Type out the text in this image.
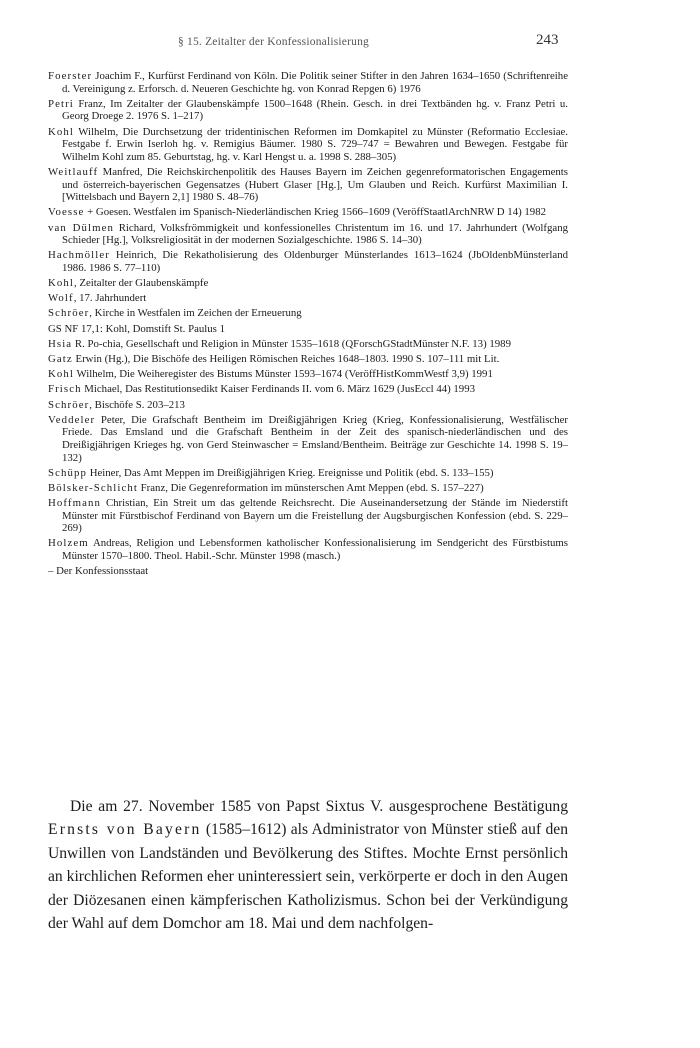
§ 15. Zeitalter der Konfessionalisierung	243
Foerster Joachim F., Kurfürst Ferdinand von Köln. Die Politik seiner Stifter in den Jahren 1634–1650 (Schriftenreihe d. Vereinigung z. Erforsch. d. Neueren Geschichte hg. von Konrad Repgen 6) 1976
Petri Franz, Im Zeitalter der Glaubenskämpfe 1500–1648 (Rhein. Gesch. in drei Textbänden hg. v. Franz Petri u. Georg Droege 2. 1976 S. 1–217)
Kohl Wilhelm, Die Durchsetzung der tridentinischen Reformen im Domkapitel zu Münster (Reformatio Ecclesiae. Festgabe f. Erwin Iserloh hg. v. Remigius Bäumer. 1980 S. 729–747 = Bewahren und Bewegen. Festgabe für Wilhelm Kohl zum 85. Geburtstag, hg. v. Karl Hengst u. a. 1998 S. 288–305)
Weitlauff Manfred, Die Reichskirchenpolitik des Hauses Bayern im Zeichen gegenreformatorischen Engagements und österreich-bayerischen Gegensatzes (Hubert Glaser [Hg.], Um Glauben und Reich. Kurfürst Maximilian I. [Wittelsbach und Bayern 2,1] 1980 S. 48–76)
Voesse + Goesen. Westfalen im Spanisch-Niederländischen Krieg 1566–1609 (VeröffStaatlArchNRW D 14) 1982
van Dülmen Richard, Volksfrömmigkeit und konfessionelles Christentum im 16. und 17. Jahrhundert (Wolfgang Schieder [Hg.], Volksreligiosität in der modernen Sozialgeschichte. 1986 S. 14–30)
Hachmöller Heinrich, Die Rekatholisierung des Oldenburger Münsterlandes 1613–1624 (JbOldenbMünsterland 1986. 1986 S. 77–110)
Kohl, Zeitalter der Glaubenskämpfe
Wolf, 17. Jahrhundert
Schröer, Kirche in Westfalen im Zeichen der Erneuerung
GS NF 17,1: Kohl, Domstift St. Paulus 1
Hsia R. Po-chia, Gesellschaft und Religion in Münster 1535–1618 (QForschGStadtMünster N.F. 13) 1989
Gatz Erwin (Hg.), Die Bischöfe des Heiligen Römischen Reiches 1648–1803. 1990 S. 107–111 mit Lit.
Kohl Wilhelm, Die Weiheregister des Bistums Münster 1593–1674 (VeröffHistKommWestf 3,9) 1991
Frisch Michael, Das Restitutionsedikt Kaiser Ferdinands II. vom 6. März 1629 (JusEccl 44) 1993
Schröer, Bischöfe S. 203–213
Veddeler Peter, Die Grafschaft Bentheim im Dreißigjährigen Krieg (Krieg, Konfessionalisierung, Westfälischer Friede. Das Emsland und die Grafschaft Bentheim in der Zeit des spanisch-niederländischen und des Dreißigjährigen Krieges hg. von Gerd Steinwascher = Emsland/Bentheim. Beiträge zur Geschichte 14. 1998 S. 19–132)
Schüpp Heiner, Das Amt Meppen im Dreißigjährigen Krieg. Ereignisse und Politik (ebd. S. 133–155)
Bölsker-Schlicht Franz, Die Gegenreformation im münsterschen Amt Meppen (ebd. S. 157–227)
Hoffmann Christian, Ein Streit um das geltende Reichsrecht. Die Auseinandersetzung der Stände im Niederstift Münster mit Fürstbischof Ferdinand von Bayern um die Freistellung der Augsburgischen Konfession (ebd. S. 229–269)
Holzem Andreas, Religion und Lebensformen katholischer Konfessionalisierung im Sendgericht des Fürstbistums Münster 1570–1800. Theol. Habil.-Schr. Münster 1998 (masch.)
– Der Konfessionsstaat

Die am 27. November 1585 von Papst Sixtus V. ausgesprochene Bestätigung Ernsts von Bayern (1585–1612) als Administrator von Münster stieß auf den Unwillen von Landständen und Bevölkerung des Stiftes. Mochte Ernst persönlich an kirchlichen Reformen eher uninteressiert sein, verkörperte er doch in den Augen der Diözesanen einen kämpferischen Katholizismus. Schon bei der Verkündigung der Wahl auf dem Domchor am 18. Mai und dem nachfolgen-
